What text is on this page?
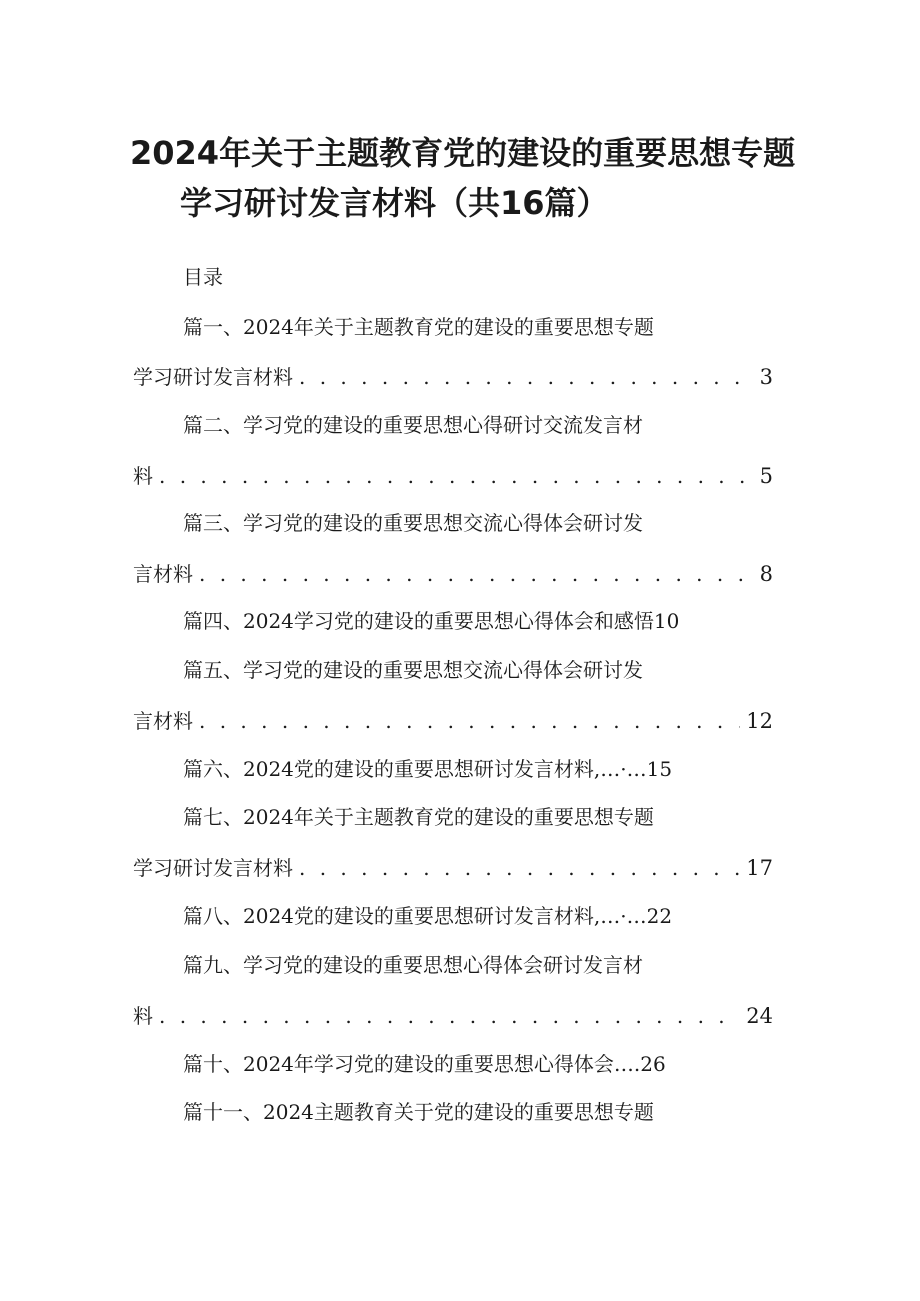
2024年关于主题教育党的建设的重要思想专题
学习研讨发言材料（共16篇）
目录
篇一、2024年关于主题教育党的建设的重要思想专题
学习研讨发言材料 . . .	3
篇二、学习党的建设的重要思想心得研讨交流发言材
料 . . .	5
篇三、学习党的建设的重要思想交流心得体会研讨发
言材料 . . .	8
篇四、2024学习党的建设的重要思想心得体会和感悟10
篇五、学习党的建设的重要思想交流心得体会研讨发
言材料 . . .	12
篇六、2024党的建设的重要思想研讨发言材料,…·…15
篇七、2024年关于主题教育党的建设的重要思想专题
学习研讨发言材料 . . .	17
篇八、2024党的建设的重要思想研讨发言材料,…·…22
篇九、学习党的建设的重要思想心得体会研讨发言材
料 . . .	24
篇十、2024年学习党的建设的重要思想心得体会….26
篇十一、2024主题教育关于党的建设的重要思想专题
